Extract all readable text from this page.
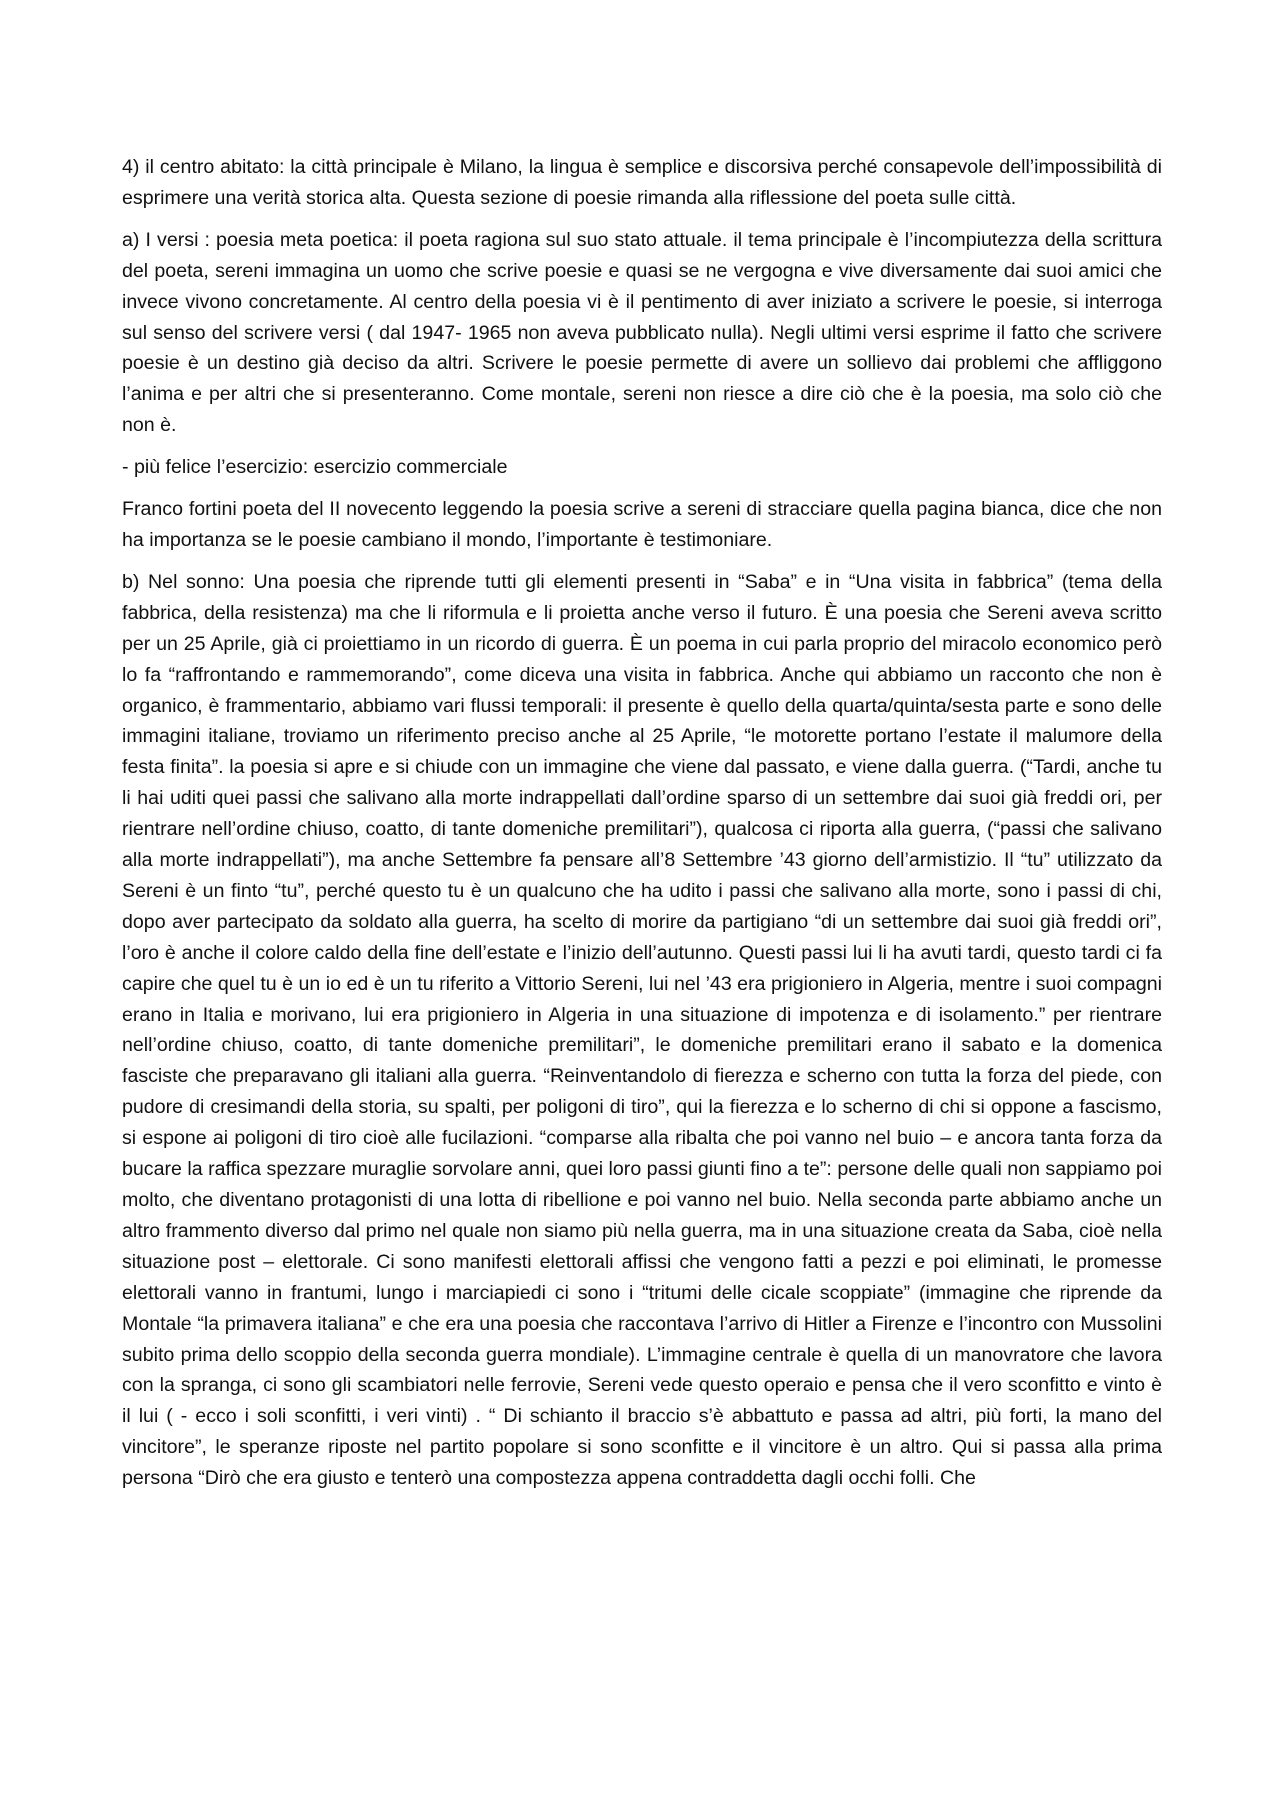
4) il centro abitato: la città principale è Milano, la lingua è semplice e discorsiva perché consapevole dell’impossibilità di esprimere una verità storica alta. Questa sezione di poesie rimanda alla riflessione del poeta sulle città.

a) I versi : poesia meta poetica: il poeta ragiona sul suo stato attuale. il tema principale è l’incompiutezza della scrittura del poeta, sereni immagina un uomo che scrive poesie e quasi se ne vergogna e vive diversamente dai suoi amici che invece vivono concretamente. Al centro della poesia vi è il pentimento di aver iniziato a scrivere le poesie, si interroga sul senso del scrivere versi ( dal 1947- 1965 non aveva pubblicato nulla). Negli ultimi versi esprime il fatto che scrivere poesie è un destino già deciso da altri. Scrivere le poesie permette di avere un sollievo dai problemi che affliggono l’anima e per altri che si presenteranno. Come montale, sereni non riesce a dire ciò che è la poesia, ma solo ciò che non è.

- più felice l’esercizio: esercizio commerciale

Franco fortini poeta del II novecento leggendo la poesia scrive a sereni di stracciare quella pagina bianca, dice che non ha importanza se le poesie cambiano il mondo, l’importante è testimoniare.

b) Nel sonno: Una poesia che riprende tutti gli elementi presenti in “Saba” e in “Una visita in fabbrica” (tema della fabbrica, della resistenza) ma che li riformula e li proietta anche verso il futuro. È una poesia che Sereni aveva scritto per un 25 Aprile, già ci proiettiamo in un ricordo di guerra. È un poema in cui parla proprio del miracolo economico però lo fa “raffrontando e rammemorando”, come diceva una visita in fabbrica. Anche qui abbiamo un racconto che non è organico, è frammentario, abbiamo vari flussi temporali: il presente è quello della quarta/quinta/sesta parte e sono delle immagini italiane, troviamo un riferimento preciso anche al 25 Aprile, “le motorette portano l’estate il malumore della festa finita”. la poesia si apre e si chiude con un immagine che viene dal passato, e viene dalla guerra. (“Tardi, anche tu li hai uditi quei passi che salivano alla morte indrappellati dall’ordine sparso di un settembre dai suoi già freddi ori, per rientrare nell’ordine chiuso, coatto, di tante domeniche premilitari”), qualcosa ci riporta alla guerra, (“passi che salivano alla morte indrappellati”), ma anche Settembre fa pensare all’8 Settembre ’43 giorno dell’armistizio. Il “tu” utilizzato da Sereni è un finto “tu”, perché questo tu è un qualcuno che ha udito i passi che salivano alla morte, sono i passi di chi, dopo aver partecipato da soldato alla guerra, ha scelto di morire da partigiano “di un settembre dai suoi già freddi ori”, l’oro è anche il colore caldo della fine dell’estate e l’inizio dell’autunno. Questi passi lui li ha avuti tardi, questo tardi ci fa capire che quel tu è un io ed è un tu riferito a Vittorio Sereni, lui nel ’43 era prigioniero in Algeria, mentre i suoi compagni erano in Italia e morivano, lui era prigioniero in Algeria in una situazione di impotenza e di isolamento.” per rientrare nell’ordine chiuso, coatto, di tante domeniche premilitari”, le domeniche premilitari erano il sabato e la domenica fasciste che preparavano gli italiani alla guerra. “Reinventandolo di fierezza e scherno con tutta la forza del piede, con pudore di cresimandi della storia, su spalti, per poligoni di tiro”, qui la fierezza e lo scherno di chi si oppone a fascismo, si espone ai poligoni di tiro cioè alle fucilazioni. “comparse alla ribalta che poi vanno nel buio – e ancora tanta forza da bucare la raffica spezzare muraglie sorvolare anni, quei loro passi giunti fino a te”: persone delle quali non sappiamo poi molto, che diventano protagonisti di una lotta di ribellione e poi vanno nel buio. Nella seconda parte abbiamo anche un altro frammento diverso dal primo nel quale non siamo più nella guerra, ma in una situazione creata da Saba, cioè nella situazione post – elettorale. Ci sono manifesti elettorali affissi che vengono fatti a pezzi e poi eliminati, le promesse elettorali vanno in frantumi, lungo i marciapiedi ci sono i “tritumi delle cicale scoppiate” (immagine che riprende da Montale “la primavera italiana” e che era una poesia che raccontava l’arrivo di Hitler a Firenze e l’incontro con Mussolini subito prima dello scoppio della seconda guerra mondiale). L’immagine centrale è quella di un manovratore che lavora con la spranga, ci sono gli scambiatori nelle ferrovie, Sereni vede questo operaio e pensa che il vero sconfitto e vinto è il lui ( - ecco i soli sconfitti, i veri vinti) . “ Di schianto il braccio s’è abbattuto e passa ad altri, più forti, la mano del vincitore”, le speranze riposte nel partito popolare si sono sconfitte e il vincitore è un altro. Qui si passa alla prima persona “Dirò che era giusto e tenterò una compostezza appena contraddetta dagli occhi folli. Che
